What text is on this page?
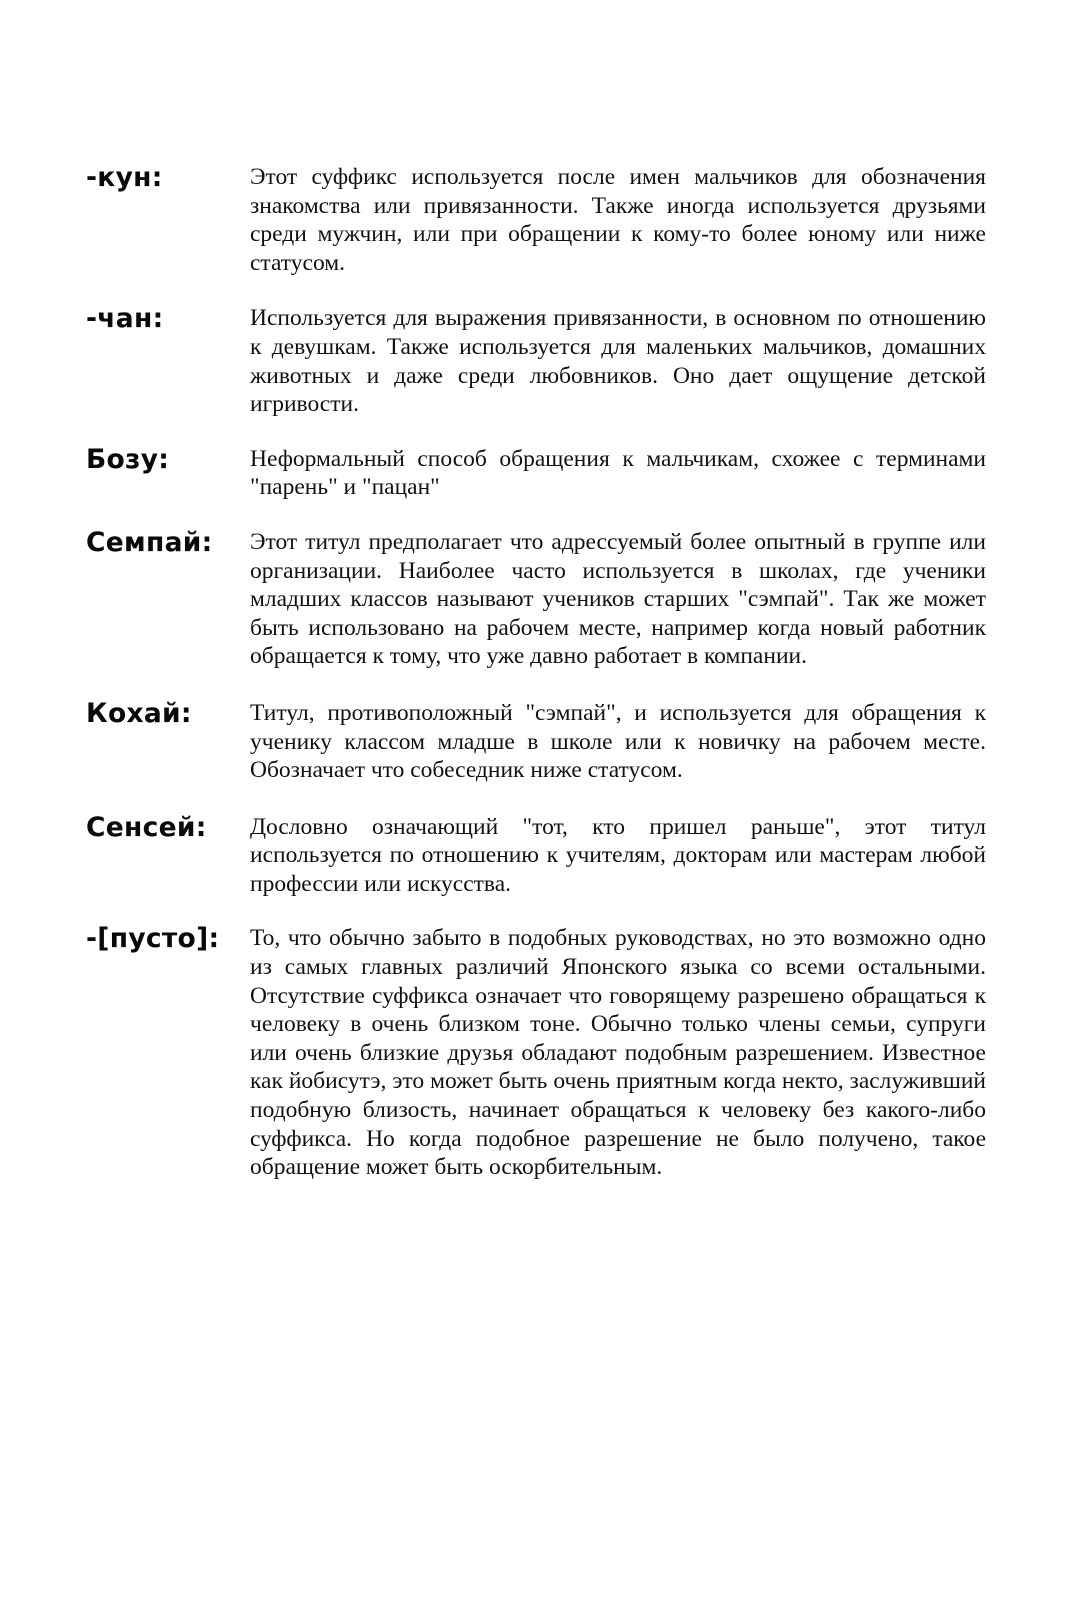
-кун:	Этот суффикс используется после имен мальчиков для обозначения знакомства или привязанности. Также иногда используется друзьями среди мужчин, или при обращении к кому-то более юному или ниже статусом.

-чан:	Используется для выражения привязанности, в основном по отношению к девушкам. Также используется для маленьких мальчиков, домашних животных и даже среди любовников. Оно дает ощущение детской игривости.

Бозу:	Неформальный способ обращения к мальчикам, схожее с терминами "парень" и "пацан"

Семпай:	Этот титул предполагает что адрессуемый более опытный в группе или организации. Наиболее часто используется в школах, где ученики младших классов называют учеников старших "сэмпай". Так же может быть использовано на рабочем месте, например когда новый работник обращается к тому, что уже давно работает в компании.

Кохай:	Титул, противоположный "сэмпай", и используется для обращения к ученику классом младше в школе или к новичку на рабочем месте. Обозначает что собеседник ниже статусом.

Сенсей:	Дословно означающий "тот, кто пришел раньше", этот титул используется по отношению к учителям, докторам или мастерам любой профессии или искусства.

-[пусто]:	То, что обычно забыто в подобных руководствах, но это возможно одно из самых главных различий Японского языка со всеми остальными. Отсутствие суффикса означает что говорящему разрешено обращаться к человеку в очень близком тоне. Обычно только члены семьи, супруги или очень близкие друзья обладают подобным разрешением. Известное как йобисутэ, это может быть очень приятным когда некто, заслуживший подобную близость, начинает обращаться к человеку без какого-либо суффикса. Но когда подобное разрешение не было получено, такое обращение может быть оскорбительным.
